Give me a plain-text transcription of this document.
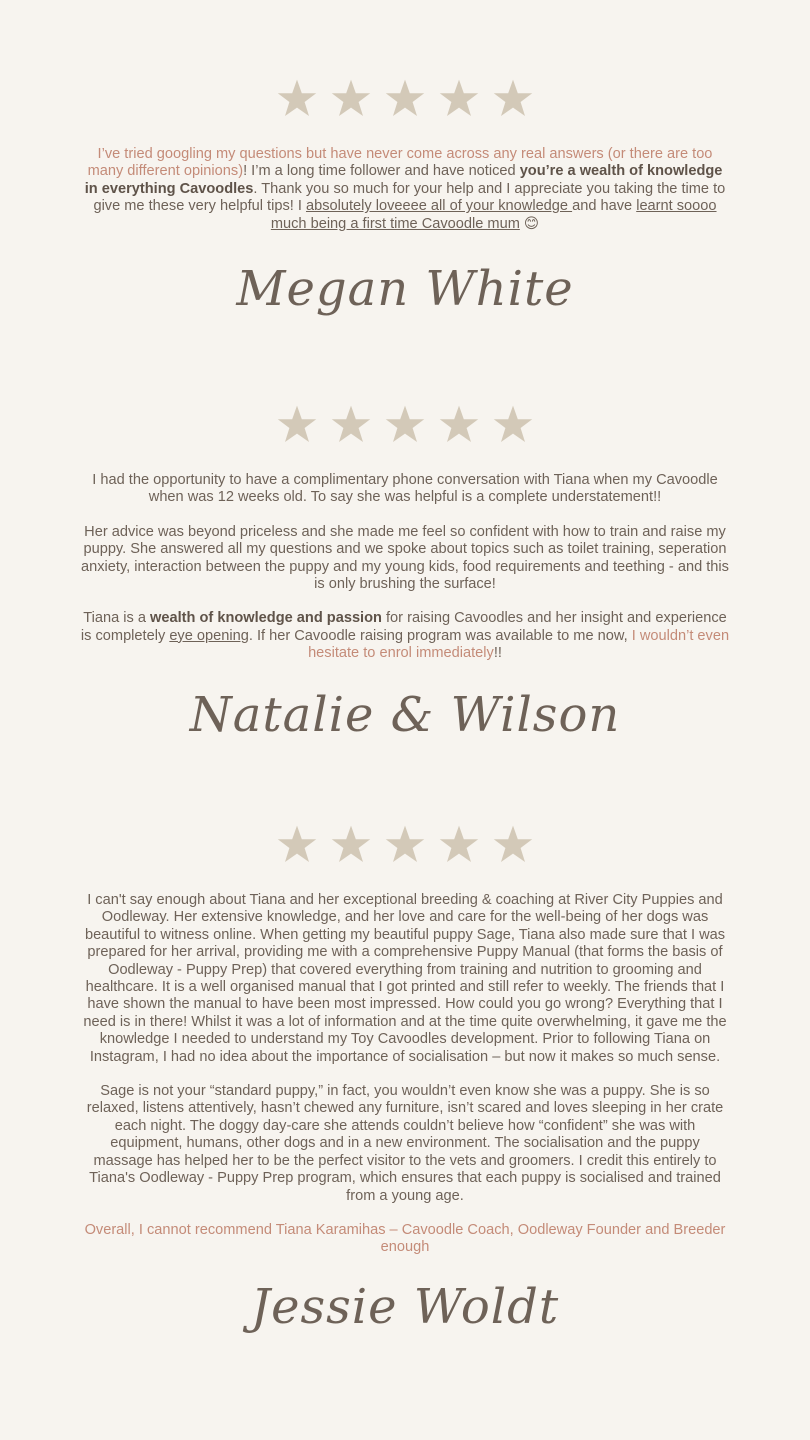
I’ve tried googling my questions but have never come across any real answers (or there are too many different opinions)! I’m a long time follower and have noticed you’re a wealth of knowledge in everything Cavoodles. Thank you so much for your help and I appreciate you taking the time to give me these very helpful tips! I absolutely loveeee all of your knowledge and have learnt soooo much being a first time Cavoodle mum 😊

Megan White

I had the opportunity to have a complimentary phone conversation with Tiana when my Cavoodle when was 12 weeks old. To say she was helpful is a complete understatement!!

Her advice was beyond priceless and she made me feel so confident with how to train and raise my puppy. She answered all my questions and we spoke about topics such as toilet training, seperation anxiety, interaction between the puppy and my young kids, food requirements and teething - and this is only brushing the surface!

Tiana is a wealth of knowledge and passion for raising Cavoodles and her insight and experience is completely eye opening. If her Cavoodle raising program was available to me now, I wouldn’t even hesitate to enrol immediately!!

Natalie & Wilson

I can't say enough about Tiana and her exceptional breeding & coaching at River City Puppies and Oodleway. Her extensive knowledge, and her love and care for the well-being of her dogs was beautiful to witness online. When getting my beautiful puppy Sage, Tiana also made sure that I was prepared for her arrival, providing me with a comprehensive Puppy Manual (that forms the basis of Oodleway - Puppy Prep) that covered everything from training and nutrition to grooming and healthcare. It is a well organised manual that I got printed and still refer to weekly. The friends that I have shown the manual to have been most impressed. How could you go wrong? Everything that I need is in there! Whilst it was a lot of information and at the time quite overwhelming, it gave me the knowledge I needed to understand my Toy Cavoodles development. Prior to following Tiana on Instagram, I had no idea about the importance of socialisation – but now it makes so much sense.

Sage is not your “standard puppy,” in fact, you wouldn’t even know she was a puppy. She is so relaxed, listens attentively, hasn’t chewed any furniture, isn’t scared and loves sleeping in her crate each night. The doggy day-care she attends couldn’t believe how “confident” she was with equipment, humans, other dogs and in a new environment. The socialisation and the puppy massage has helped her to be the perfect visitor to the vets and groomers. I credit this entirely to Tiana's Oodleway - Puppy Prep program, which ensures that each puppy is socialised and trained from a young age.

Overall, I cannot recommend Tiana Karamihas – Cavoodle Coach, Oodleway Founder and Breeder enough

Jessie Woldt
